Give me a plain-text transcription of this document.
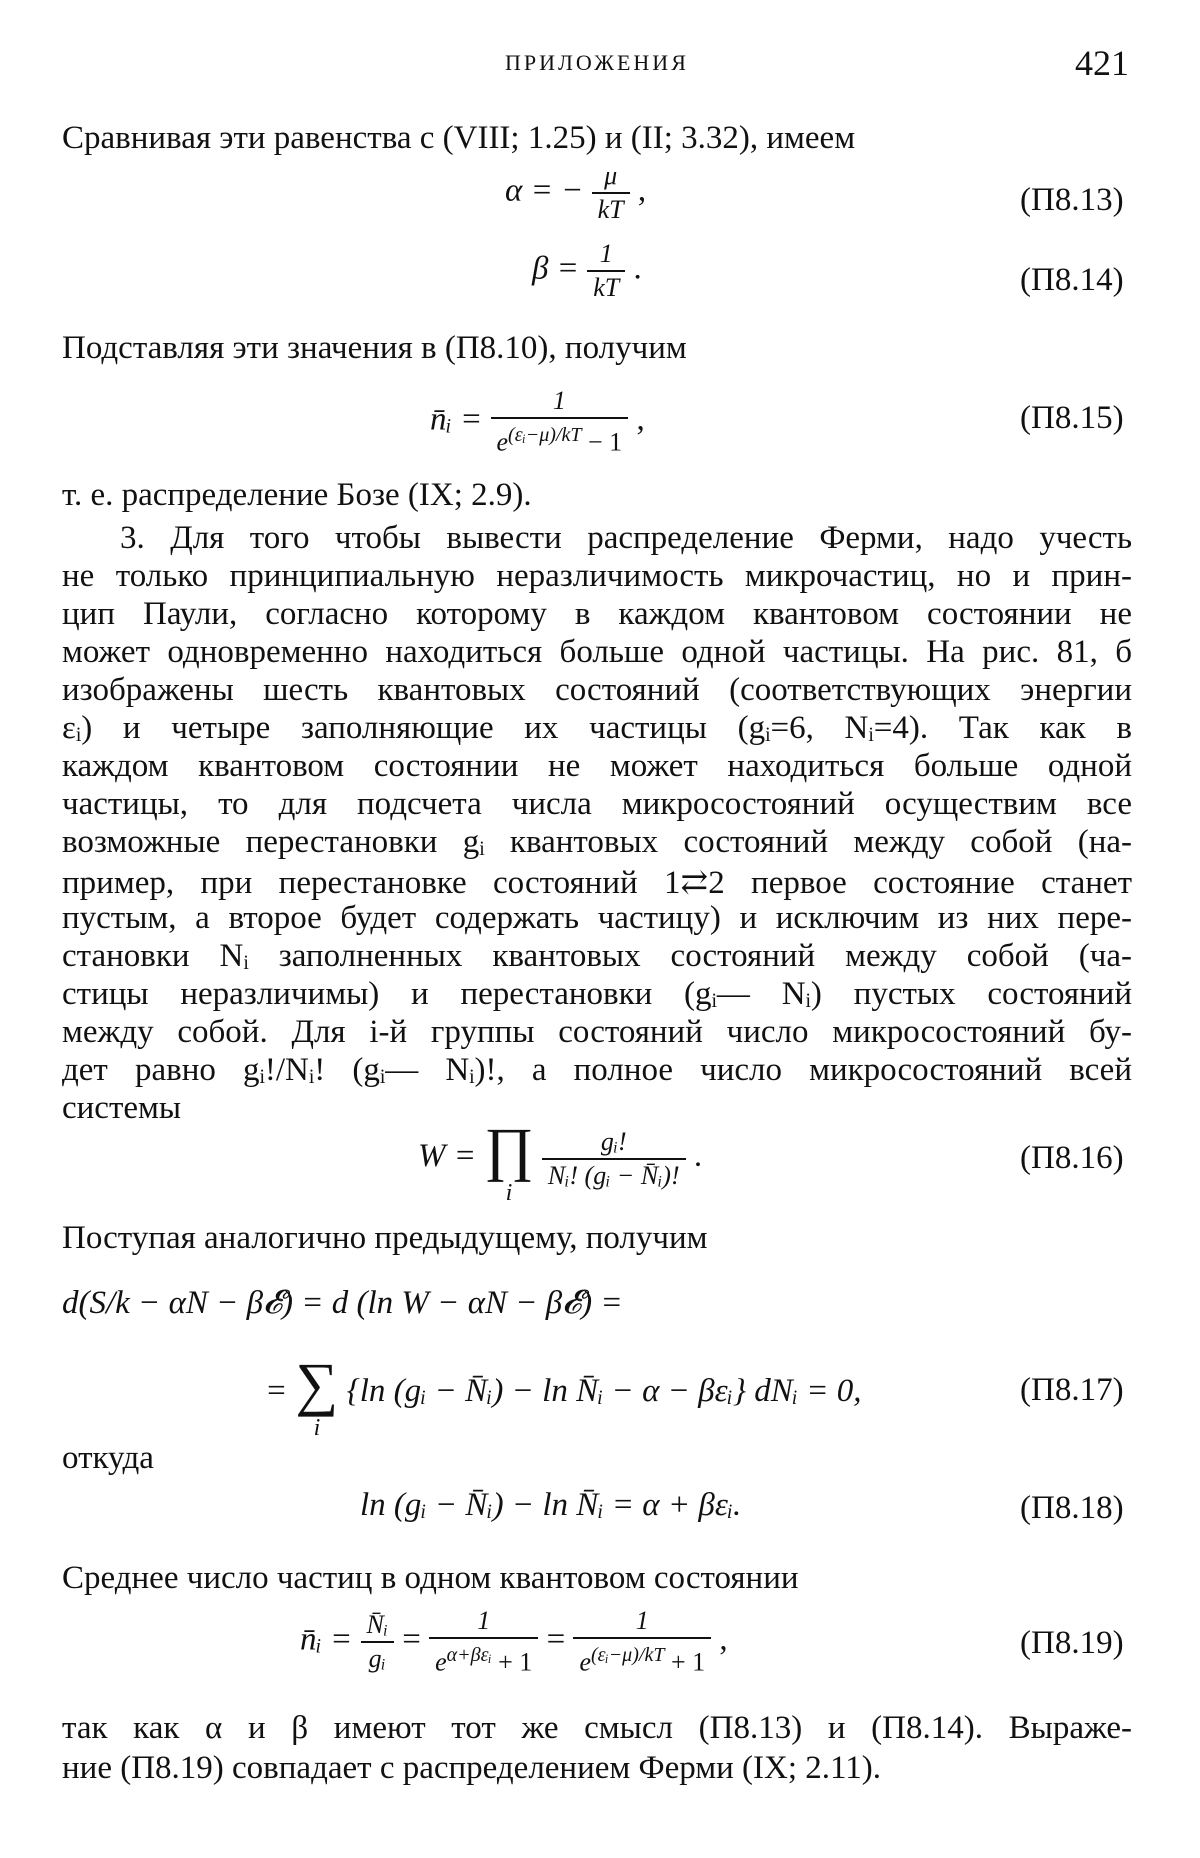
ПРИЛОЖЕНИЯ	421
Сравнивая эти равенства с (VIII; 1.25) и (II; 3.32), имеем
α = − $\frac{\mu}{kT}$ ,	(П8.13)
$\beta = \frac{1}{kT}$ .	(П8.14)
Подставляя эти значения в (П8.10), получим
n̄ᵢ = $\frac{1}{e^{(\varepsilon ᵢ-\mu)/kT} - 1}$ ,	(П8.15)
т. е. распределение Бозе (IX; 2.9).
3. Для того чтобы вывести распределение Ферми, надо учесть
не только принципиальную неразличимость микрочастиц, но и прин-
цип Паули, согласно которому в каждом квантовом состоянии не
может одновременно находиться больше одной частицы. На рис. 81, б
изображены шесть квантовых состояний (соответствующих энергии
εᵢ) и четыре заполняющие их частицы (gᵢ=6, Nᵢ=4). Так как в
каждом квантовом состоянии не может находиться больше одной
частицы, то для подсчета числа микросостояний осуществим все
возможные перестановки gᵢ квантовых состояний между собой (на-
пример, при перестановке состояний 1⇄2 первое состояние станет
пустым, а второе будет содержать частицу) и исключим из них пере-
становки Nᵢ заполненных квантовых состояний между собой (ча-
стицы неразличимы) и перестановки (gᵢ— Nᵢ) пустых состояний
между собой. Для i-й группы состояний число микросостояний бу-
дет равно gᵢ!/Nᵢ! (gᵢ— Nᵢ)!, а полное число микросостояний всей
системы
W = ∏
i

$\frac{\text{gᵢ!}}{\text{Nᵢ! (gᵢ − N̄ᵢ)!}}$ .	(П8.16)
Поступая аналогично предыдущему, получим
d(S/k − αN − β𝓔) = d (ln W − αN − β𝓔) =
= ∑
i
{ln (gᵢ − N̄ᵢ) − ln N̄ᵢ − α − βεᵢ} dNᵢ = 0,	(П8.17)
откуда
ln (gᵢ − N̄ᵢ) − ln N̄ᵢ = α + βεᵢ.	(П8.18)
Среднее число частиц в одном квантовом состоянии
n̄ᵢ = $\frac{\text{N̄ᵢ}}{\text{gᵢ}} = \frac{1}{e^{\alpha+\beta\varepsilon ᵢ} + 1} = \frac{1}{e^{(\varepsilon ᵢ-\mu)/kT} + 1}$ ,	(П8.19)
так как α и β имеют тот же смысл (П8.13) и (П8.14). Выраже-
ние (П8.19) совпадает с распределением Ферми (IX; 2.11).
